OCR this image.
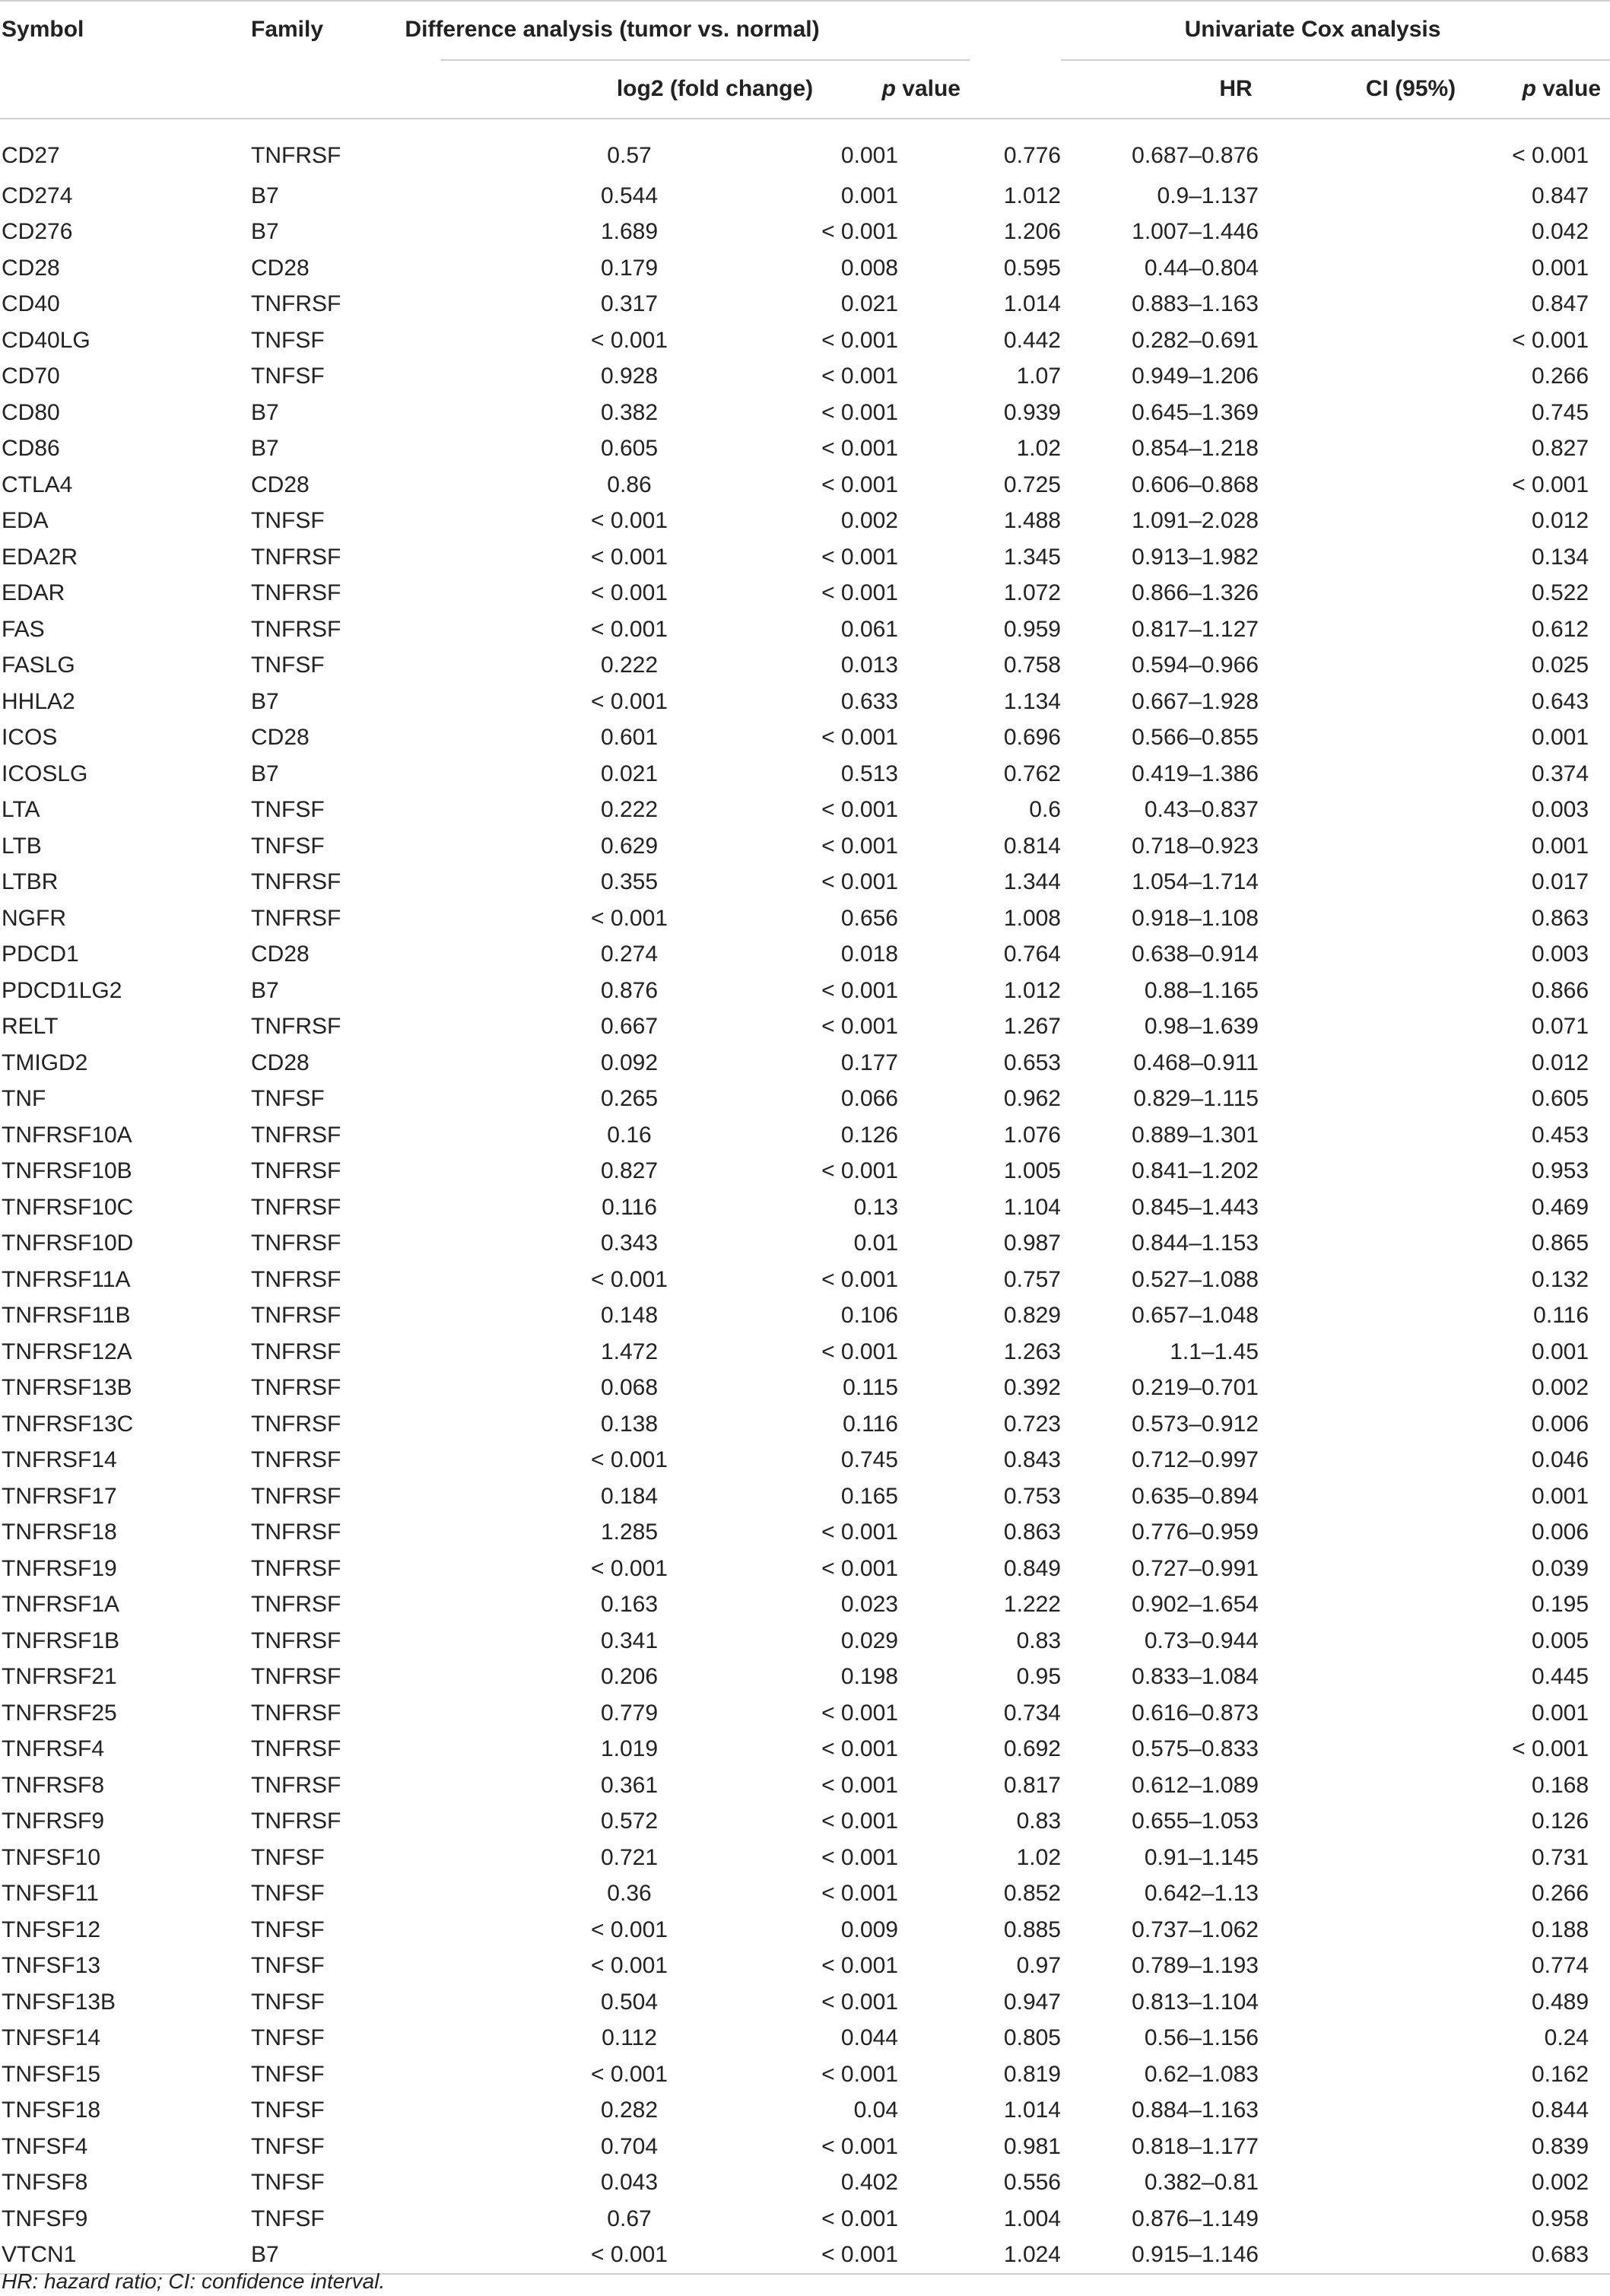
Symbol	Family	Difference analysis (tumor vs. normal)		Univariate Cox analysis		

		log2 (fold change)	p value	HR	CI (95%)	p value
CD27	TNFRSF	0.57	0.001	0.776	0.687–0.876	< 0.001
CD274	B7	0.544	0.001	1.012	0.9–1.137	0.847
CD276	B7	1.689	< 0.001	1.206	1.007–1.446	0.042
CD28	CD28	0.179	0.008	0.595	0.44–0.804	0.001
CD40	TNFRSF	0.317	0.021	1.014	0.883–1.163	0.847
CD40LG	TNFSF	< 0.001	< 0.001	0.442	0.282–0.691	< 0.001
CD70	TNFSF	0.928	< 0.001	1.07	0.949–1.206	0.266
CD80	B7	0.382	< 0.001	0.939	0.645–1.369	0.745
CD86	B7	0.605	< 0.001	1.02	0.854–1.218	0.827
CTLA4	CD28	0.86	< 0.001	0.725	0.606–0.868	< 0.001
EDA	TNFSF	< 0.001	0.002	1.488	1.091–2.028	0.012
EDA2R	TNFRSF	< 0.001	< 0.001	1.345	0.913–1.982	0.134
EDAR	TNFRSF	< 0.001	< 0.001	1.072	0.866–1.326	0.522
FAS	TNFRSF	< 0.001	0.061	0.959	0.817–1.127	0.612
FASLG	TNFSF	0.222	0.013	0.758	0.594–0.966	0.025
HHLA2	B7	< 0.001	0.633	1.134	0.667–1.928	0.643
ICOS	CD28	0.601	< 0.001	0.696	0.566–0.855	0.001
ICOSLG	B7	0.021	0.513	0.762	0.419–1.386	0.374
LTA	TNFSF	0.222	< 0.001	0.6	0.43–0.837	0.003
LTB	TNFSF	0.629	< 0.001	0.814	0.718–0.923	0.001
LTBR	TNFRSF	0.355	< 0.001	1.344	1.054–1.714	0.017
NGFR	TNFRSF	< 0.001	0.656	1.008	0.918–1.108	0.863
PDCD1	CD28	0.274	0.018	0.764	0.638–0.914	0.003
PDCD1LG2	B7	0.876	< 0.001	1.012	0.88–1.165	0.866
RELT	TNFRSF	0.667	< 0.001	1.267	0.98–1.639	0.071
TMIGD2	CD28	0.092	0.177	0.653	0.468–0.911	0.012
TNF	TNFSF	0.265	0.066	0.962	0.829–1.115	0.605
TNFRSF10A	TNFRSF	0.16	0.126	1.076	0.889–1.301	0.453
TNFRSF10B	TNFRSF	0.827	< 0.001	1.005	0.841–1.202	0.953
TNFRSF10C	TNFRSF	0.116	0.13	1.104	0.845–1.443	0.469
TNFRSF10D	TNFRSF	0.343	0.01	0.987	0.844–1.153	0.865
TNFRSF11A	TNFRSF	< 0.001	< 0.001	0.757	0.527–1.088	0.132
TNFRSF11B	TNFRSF	0.148	0.106	0.829	0.657–1.048	0.116
TNFRSF12A	TNFRSF	1.472	< 0.001	1.263	1.1–1.45	0.001
TNFRSF13B	TNFRSF	0.068	0.115	0.392	0.219–0.701	0.002
TNFRSF13C	TNFRSF	0.138	0.116	0.723	0.573–0.912	0.006
TNFRSF14	TNFRSF	< 0.001	0.745	0.843	0.712–0.997	0.046
TNFRSF17	TNFRSF	0.184	0.165	0.753	0.635–0.894	0.001
TNFRSF18	TNFRSF	1.285	< 0.001	0.863	0.776–0.959	0.006
TNFRSF19	TNFRSF	< 0.001	< 0.001	0.849	0.727–0.991	0.039
TNFRSF1A	TNFRSF	0.163	0.023	1.222	0.902–1.654	0.195
TNFRSF1B	TNFRSF	0.341	0.029	0.83	0.73–0.944	0.005
TNFRSF21	TNFRSF	0.206	0.198	0.95	0.833–1.084	0.445
TNFRSF25	TNFRSF	0.779	< 0.001	0.734	0.616–0.873	0.001
TNFRSF4	TNFRSF	1.019	< 0.001	0.692	0.575–0.833	< 0.001
TNFRSF8	TNFRSF	0.361	< 0.001	0.817	0.612–1.089	0.168
TNFRSF9	TNFRSF	0.572	< 0.001	0.83	0.655–1.053	0.126
TNFSF10	TNFSF	0.721	< 0.001	1.02	0.91–1.145	0.731
TNFSF11	TNFSF	0.36	< 0.001	0.852	0.642–1.13	0.266
TNFSF12	TNFSF	< 0.001	0.009	0.885	0.737–1.062	0.188
TNFSF13	TNFSF	< 0.001	< 0.001	0.97	0.789–1.193	0.774
TNFSF13B	TNFSF	0.504	< 0.001	0.947	0.813–1.104	0.489
TNFSF14	TNFSF	0.112	0.044	0.805	0.56–1.156	0.24
TNFSF15	TNFSF	< 0.001	< 0.001	0.819	0.62–1.083	0.162
TNFSF18	TNFSF	0.282	0.04	1.014	0.884–1.163	0.844
TNFSF4	TNFSF	0.704	< 0.001	0.981	0.818–1.177	0.839
TNFSF8	TNFSF	0.043	0.402	0.556	0.382–0.81	0.002
TNFSF9	TNFSF	0.67	< 0.001	1.004	0.876–1.149	0.958
VTCN1	B7	< 0.001	< 0.001	1.024	0.915–1.146	0.683
HR: hazard ratio; CI: confidence interval.
